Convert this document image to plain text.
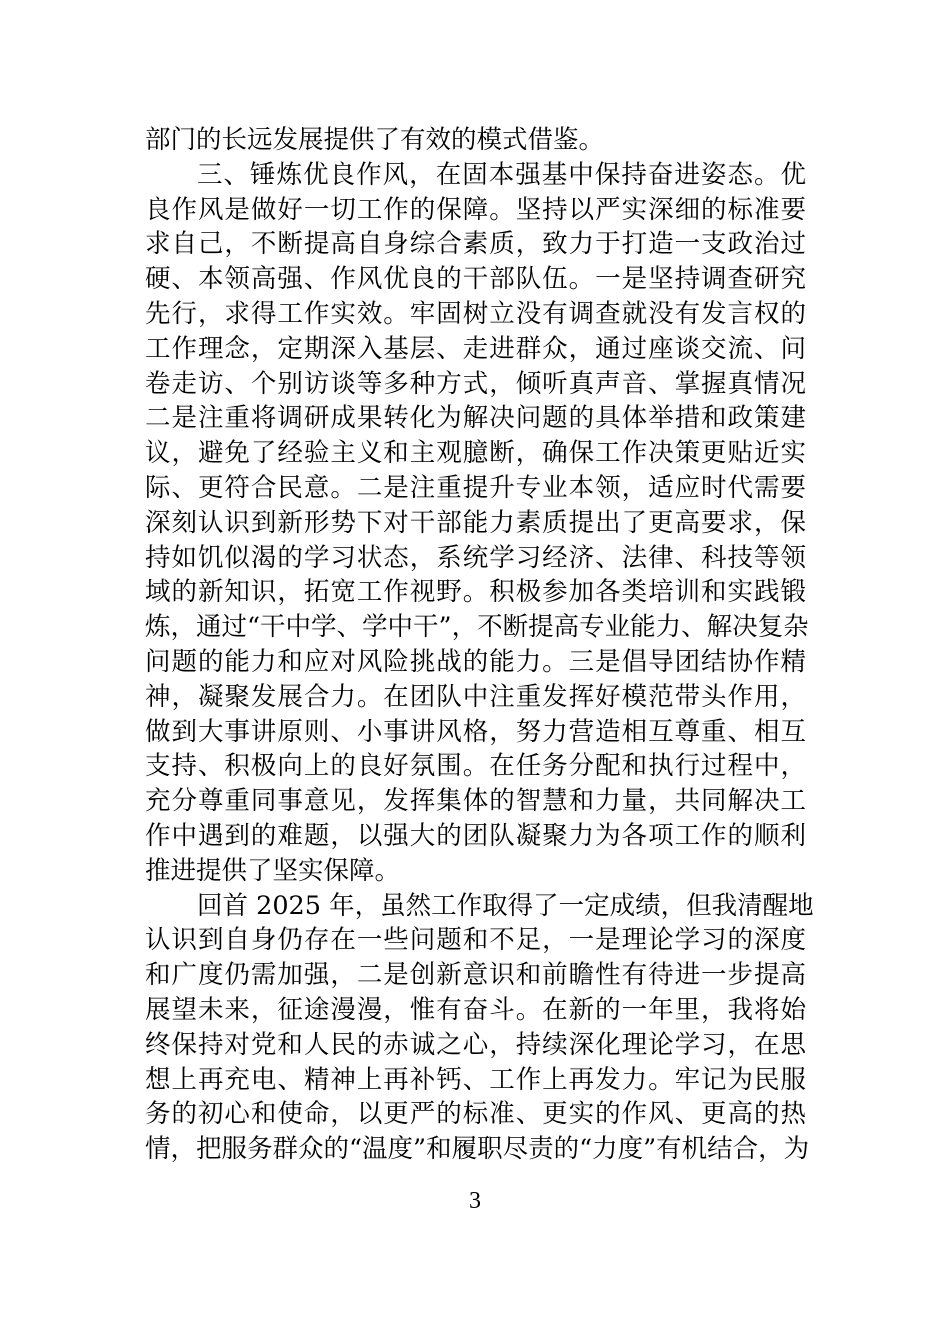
部门的长远发展提供了有效的模式借鉴。
三、锤炼优良作风，在固本强基中保持奋进姿态。优
良作风是做好一切工作的保障。坚持以严实深细的标准要
求自己，不断提高自身综合素质，致力于打造一支政治过
硬、本领高强、作风优良的干部队伍。一是坚持调查研究
先行，求得工作实效。牢固树立没有调查就没有发言权的
工作理念，定期深入基层、走进群众，通过座谈交流、问
卷走访、个别访谈等多种方式，倾听真声音、掌握真情况
二是注重将调研成果转化为解决问题的具体举措和政策建
议，避免了经验主义和主观臆断，确保工作决策更贴近实
际、更符合民意。二是注重提升专业本领，适应时代需要
深刻认识到新形势下对干部能力素质提出了更高要求，保
持如饥似渴的学习状态，系统学习经济、法律、科技等领
域的新知识，拓宽工作视野。积极参加各类培训和实践锻
炼，通过“干中学、学中干”，不断提高专业能力、解决复杂
问题的能力和应对风险挑战的能力。三是倡导团结协作精
神，凝聚发展合力。在团队中注重发挥好模范带头作用，
做到大事讲原则、小事讲风格，努力营造相互尊重、相互
支持、积极向上的良好氛围。在任务分配和执行过程中，
充分尊重同事意见，发挥集体的智慧和力量，共同解决工
作中遇到的难题，以强大的团队凝聚力为各项工作的顺利
推进提供了坚实保障。
回首 2025 年，虽然工作取得了一定成绩，但我清醒地
认识到自身仍存在一些问题和不足，一是理论学习的深度
和广度仍需加强，二是创新意识和前瞻性有待进一步提高
展望未来，征途漫漫，惟有奋斗。在新的一年里，我将始
终保持对党和人民的赤诚之心，持续深化理论学习，在思
想上再充电、精神上再补钙、工作上再发力。牢记为民服
务的初心和使命，以更严的标准、更实的作风、更高的热
情，把服务群众的“温度”和履职尽责的“力度”有机结合，为
3
